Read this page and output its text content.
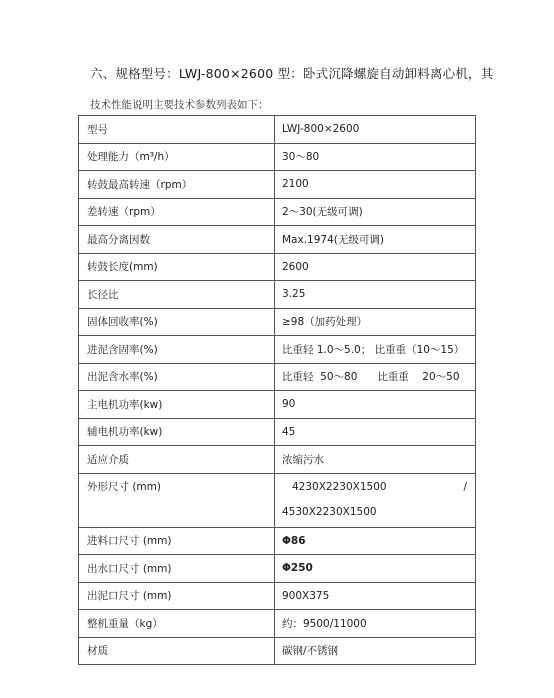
六、规格型号：LWJ-800×2600 型：卧式沉降螺旋自动卸料离心机，其
技术性能说明主要技术参数列表如下：
型号	LWJ-800×2600
处理能力（m³/h）	30～80
转鼓最高转速（rpm）	2100
差转速（rpm）	2～30(无级可调)
最高分离因数	Max.1974(无级可调)
转鼓长度(mm)	2600
长径比	3.25
固体回收率(%)	≥98（加药处理）
进泥含固率(%)	比重轻 1.0～5.0； 比重重（10～15）
出泥含水率(%)	比重轻  50～80      比重重    20～50
主电机功率(kw)	90
辅电机功率(kw)	45
适应介质	浓缩污水
外形尺寸 (mm)	4230X2230X1500 /
4530X2230X1500

进料口尺寸 (mm)	Φ86
出水口尺寸 (mm)	Φ250
出泥口尺寸 (mm)	900X375
整机重量（kg）	约：9500/11000
材质	碳钢/不锈钢
